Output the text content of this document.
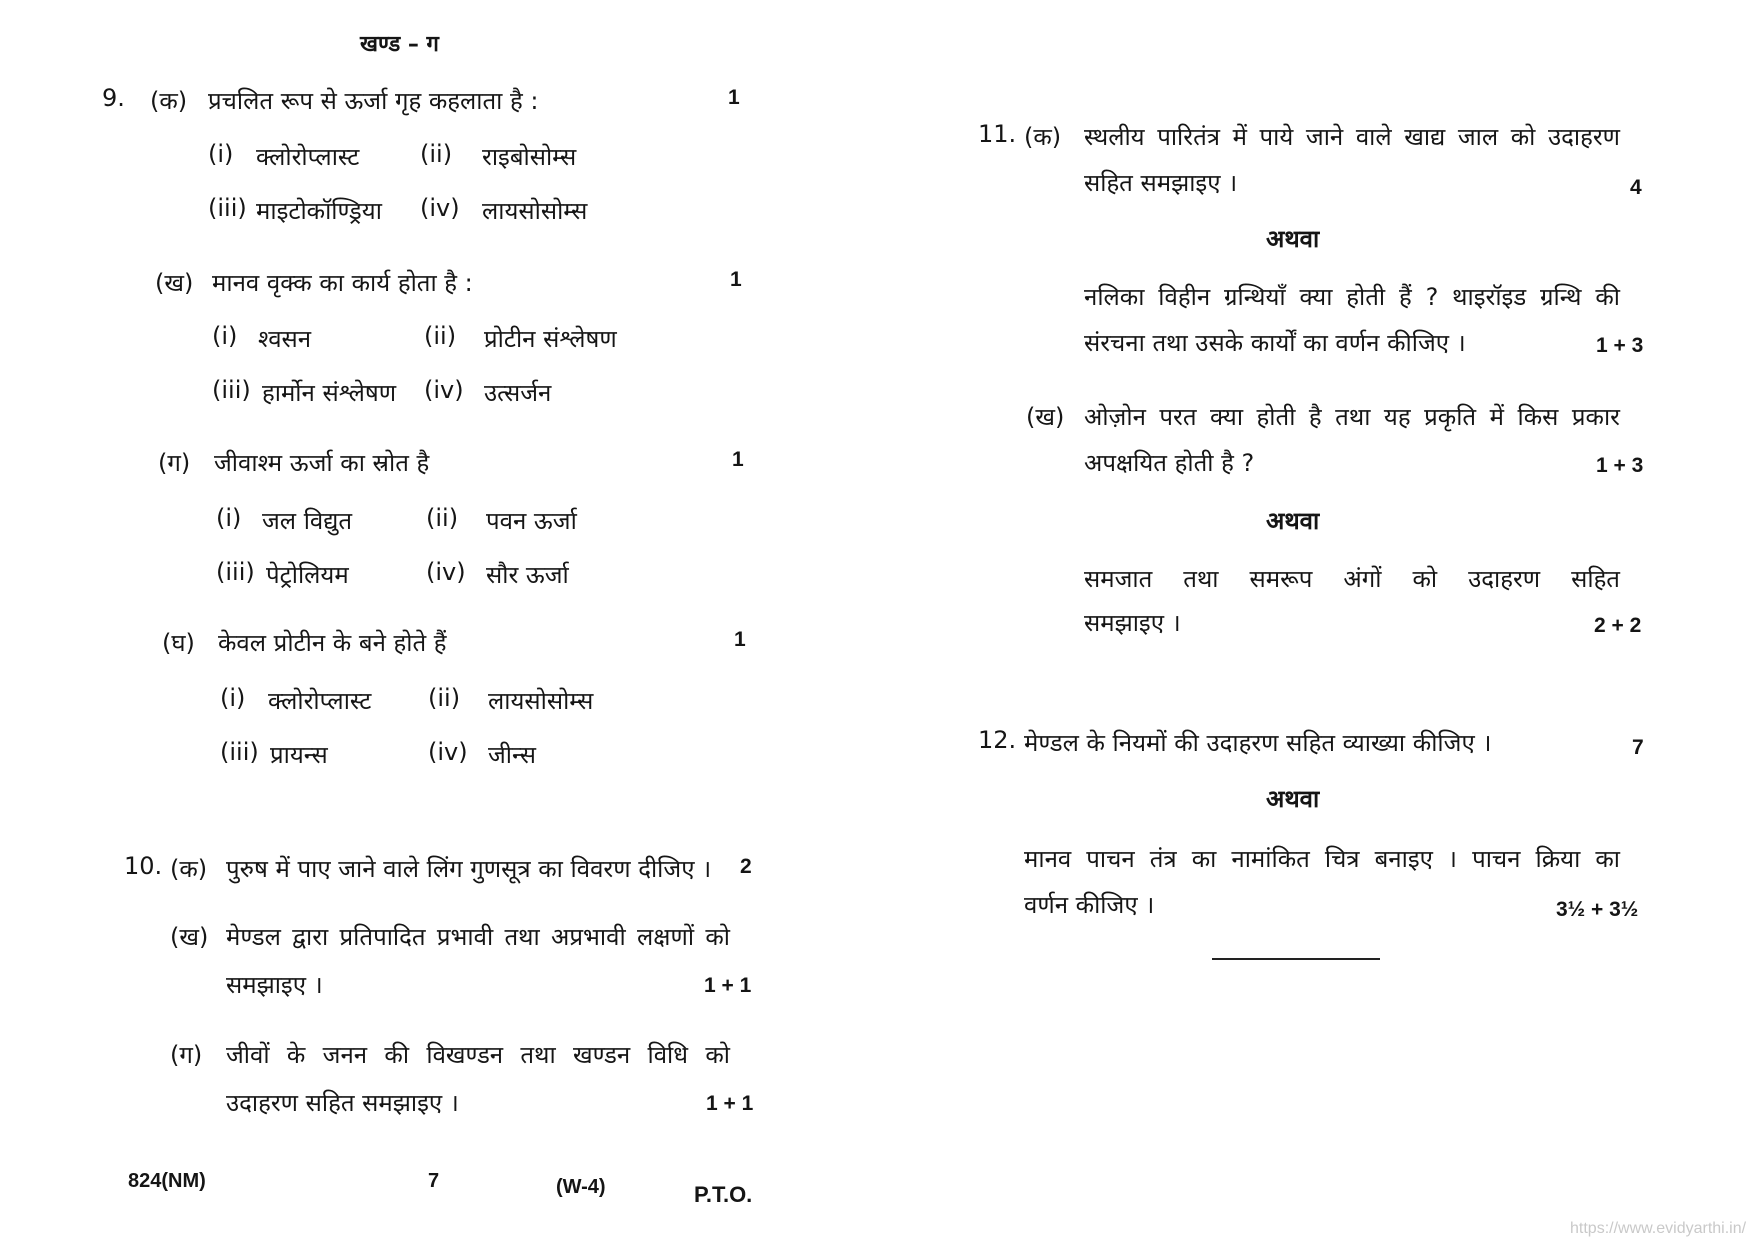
खण्ड – ग
9. (क) प्रचलित रूप से ऊर्जा गृह कहलाता है :	1
(i) क्लोरोप्लास्ट	(ii) राइबोसोम्स
(iii) माइटोकॉण्ड्रिया (iv) लायसोसोम्स
(ख) मानव वृक्क का कार्य होता है :	1
(i) श्वसन	(ii) प्रोटीन संश्लेषण
(iii) हार्मोन संश्लेषण (iv) उत्सर्जन
(ग) जीवाश्म ऊर्जा का स्रोत है	1
(i) जल विद्युत	(ii) पवन ऊर्जा
(iii) पेट्रोलियम	(iv) सौर ऊर्जा
(घ) केवल प्रोटीन के बने होते हैं	1
(i) क्लोरोप्लास्ट (ii) लायसोसोम्स
(iii) प्रायन्स	(iv) जीन्स
10. (क) पुरुष में पाए जाने वाले लिंग गुणसूत्र का विवरण दीजिए । 2
(ख) मेण्डल द्वारा प्रतिपादित प्रभावी तथा अप्रभावी लक्षणों को
समझाइए ।	1 + 1
(ग) जीवों के जनन की विखण्डन तथा खण्डन विधि को
उदाहरण सहित समझाइए ।	1 + 1
824(NM)	7	(W-4)	P.T.O.
11. (क) स्थलीय पारितंत्र में पाये जाने वाले खाद्य जाल को उदाहरण
सहित समझाइए ।	4
अथवा
नलिका विहीन ग्रन्थियाँ क्या होती हैं ? थाइरॉइड ग्रन्थि की
संरचना तथा उसके कार्यों का वर्णन कीजिए ।	1 + 3
(ख) ओज़ोन परत क्या होती है तथा यह प्रकृति में किस प्रकार
अपक्षयित होती है ?	1 + 3
अथवा
समजात तथा समरूप अंगों को उदाहरण सहित
समझाइए ।	2 + 2
12. मेण्डल के नियमों की उदाहरण सहित व्याख्या कीजिए ।	7
अथवा
मानव पाचन तंत्र का नामांकित चित्र बनाइए । पाचन क्रिया का
वर्णन कीजिए ।	3½ + 3½
https://www.evidyarthi.in/
